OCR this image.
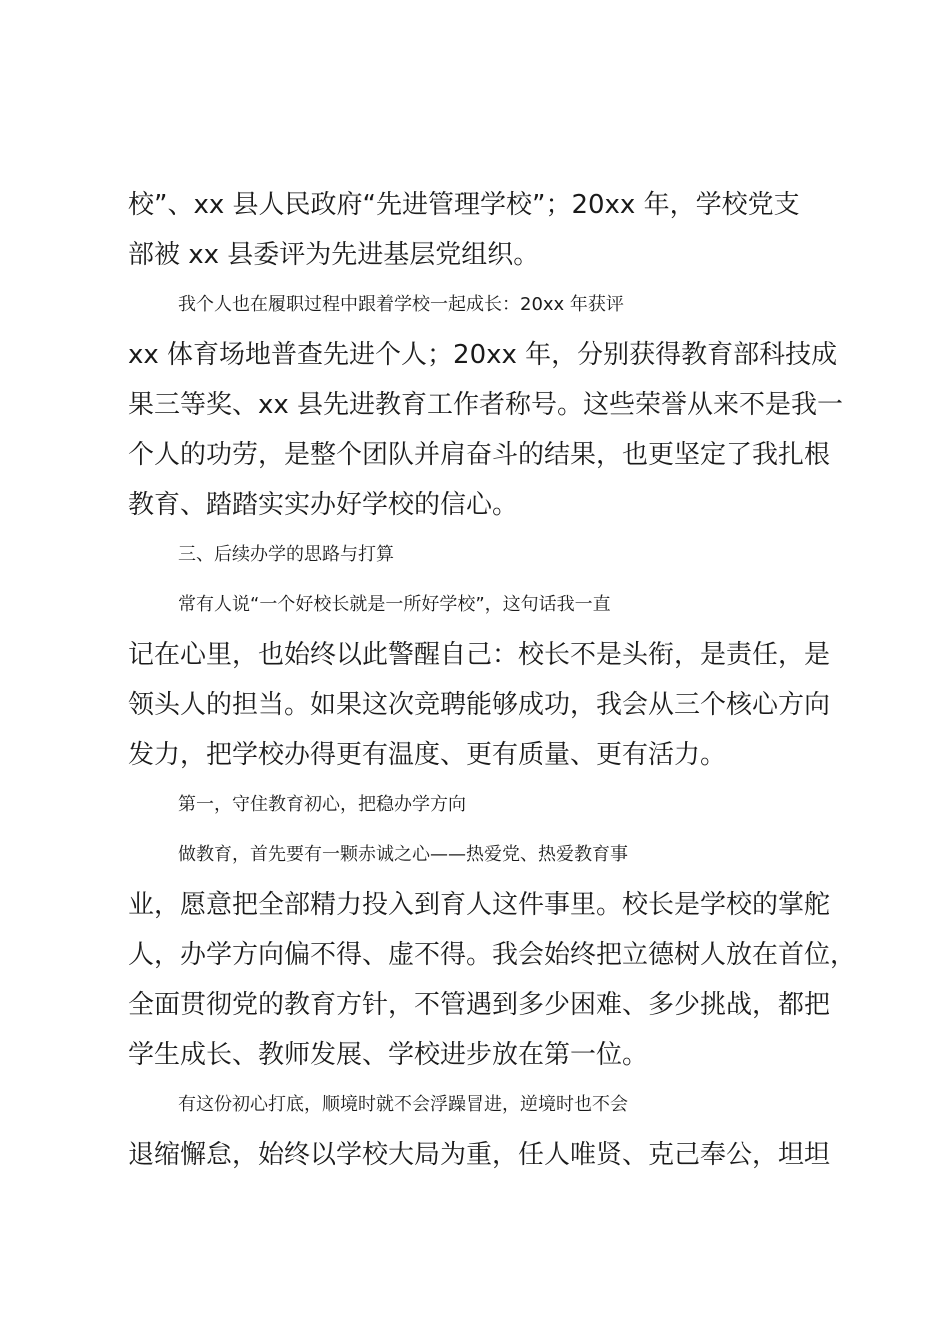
校”、xx 县人民政府“先进管理学校”；20xx 年，学校党支
部被 xx 县委评为先进基层党组织。
我个人也在履职过程中跟着学校一起成长：20xx 年获评
xx 体育场地普查先进个人；20xx 年，分别获得教育部科技成
果三等奖、xx 县先进教育工作者称号。这些荣誉从来不是我一
个人的功劳，是整个团队并肩奋斗的结果，也更坚定了我扎根
教育、踏踏实实办好学校的信心。
三、后续办学的思路与打算
常有人说“一个好校长就是一所好学校”，这句话我一直
记在心里，也始终以此警醒自己：校长不是头衔，是责任，是
领头人的担当。如果这次竞聘能够成功，我会从三个核心方向
发力，把学校办得更有温度、更有质量、更有活力。
第一，守住教育初心，把稳办学方向
做教育，首先要有一颗赤诚之心——热爱党、热爱教育事
业，愿意把全部精力投入到育人这件事里。校长是学校的掌舵
人，办学方向偏不得、虚不得。我会始终把立德树人放在首位，
全面贯彻党的教育方针，不管遇到多少困难、多少挑战，都把
学生成长、教师发展、学校进步放在第一位。
有这份初心打底，顺境时就不会浮躁冒进，逆境时也不会
退缩懈怠，始终以学校大局为重，任人唯贤、克己奉公，坦坦
